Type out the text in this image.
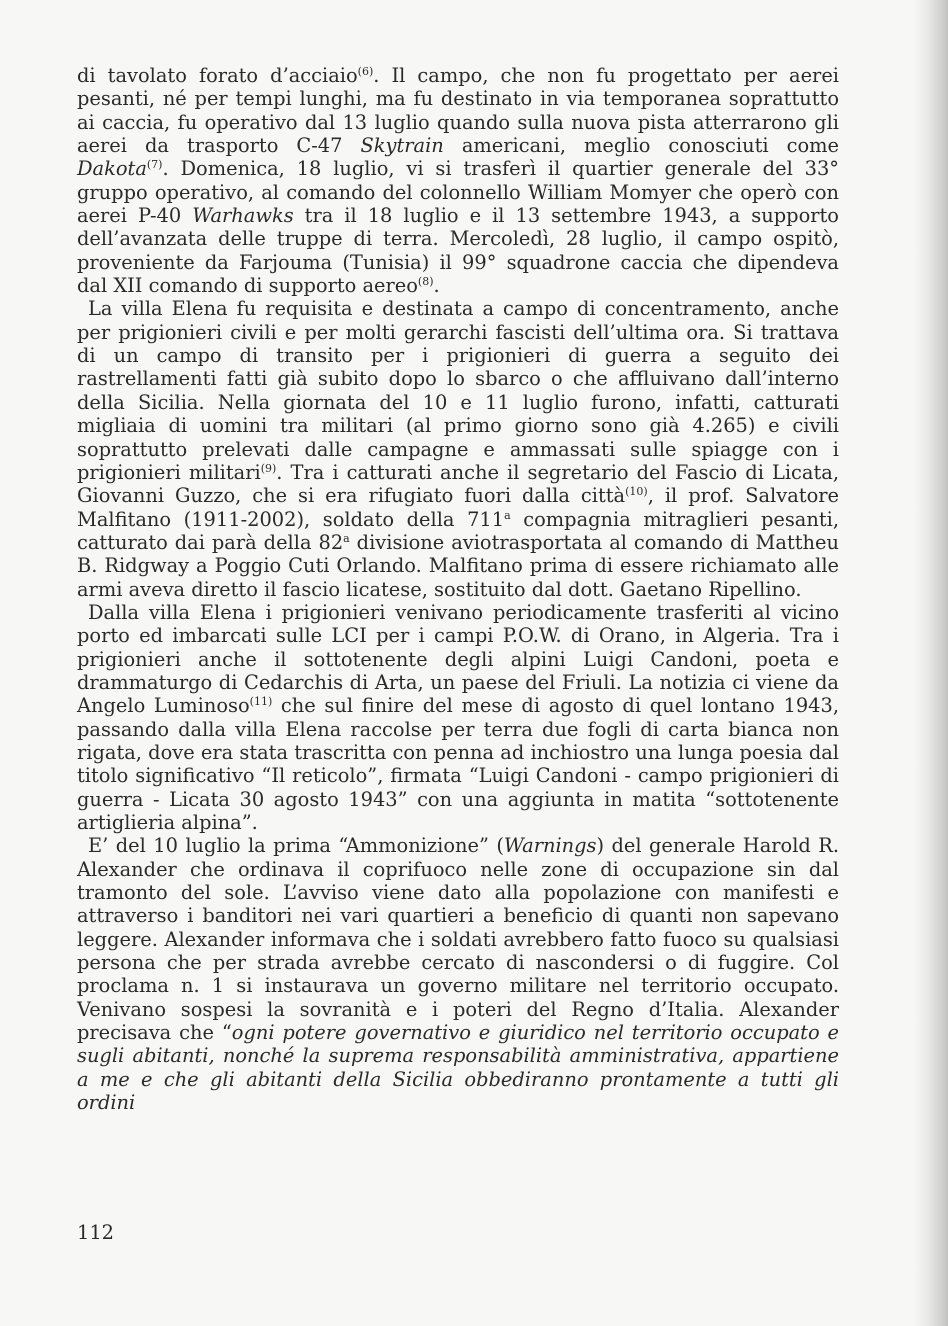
di tavolato forato d’acciaio$^{(6)}$. Il campo, che non fu progettato per aerei pesanti, né per tempi lunghi, ma fu destinato in via temporanea soprattutto ai caccia, fu operativo dal 13 luglio quando sulla nuova pista atterrarono gli aerei da trasporto C-47 Skytrain americani, meglio conosciuti come Dakota$^{(7)}$. Domenica, 18 luglio, vi si trasferì il quartier generale del 33° gruppo operativo, al comando del colonnello William Momyer che operò con aerei P-40 Warhawks tra il 18 luglio e il 13 settembre 1943, a supporto dell’avanzata delle truppe di terra. Mercoledì, 28 luglio, il campo ospitò, proveniente da Farjouma (Tunisia) il 99° squadrone caccia che dipendeva dal XII comando di supporto aereo$^{(8)}$.

La villa Elena fu requisita e destinata a campo di concentramento, anche per prigionieri civili e per molti gerarchi fascisti dell’ultima ora. Si trattava di un campo di transito per i prigionieri di guerra a seguito dei rastrellamenti fatti già subito dopo lo sbarco o che affluivano dall’interno della Sicilia. Nella giornata del 10 e 11 luglio furono, infatti, catturati migliaia di uomini tra militari (al primo giorno sono già 4.265) e civili soprattutto prelevati dalle campagne e ammassati sulle spiagge con i prigionieri militari$^{(9)}$. Tra i catturati anche il segretario del Fascio di Licata, Giovanni Guzzo, che si era rifugiato fuori dalla città$^{(10)}$, il prof. Salvatore Malfitano (1911-2002), soldato della 711$^a$ compagnia mitraglieri pesanti, catturato dai parà della 82$^a$ divisione aviotrasportata al comando di Mattheu B. Ridgway a Poggio Cuti Orlando. Malfitano prima di essere richiamato alle armi aveva diretto il fascio licatese, sostituito dal dott. Gaetano Ripellino.

Dalla villa Elena i prigionieri venivano periodicamente trasferiti al vicino porto ed imbarcati sulle LCI per i campi P.O.W. di Orano, in Algeria. Tra i prigionieri anche il sottotenente degli alpini Luigi Candoni, poeta e drammaturgo di Cedarchis di Arta, un paese del Friuli. La notizia ci viene da Angelo Luminoso$^{(11)}$ che sul finire del mese di agosto di quel lontano 1943, passando dalla villa Elena raccolse per terra due fogli di carta bianca non rigata, dove era stata trascritta con penna ad inchiostro una lunga poesia dal titolo significativo “Il reticolo”, firmata “Luigi Candoni - campo prigionieri di guerra - Licata 30 agosto 1943” con una aggiunta in matita “sottotenente artiglieria alpina”.

E’ del 10 luglio la prima “Ammonizione” (Warnings) del generale Harold R. Alexander che ordinava il coprifuoco nelle zone di occupazione sin dal tramonto del sole. L’avviso viene dato alla popolazione con manifesti e attraverso i banditori nei vari quartieri a beneficio di quanti non sapevano leggere. Alexander informava che i soldati avrebbero fatto fuoco su qualsiasi persona che per strada avrebbe cercato di nascondersi o di fuggire. Col proclama n. 1 si instaurava un governo militare nel territorio occupato. Venivano sospesi la sovranità e i poteri del Regno d’Italia. Alexander precisava che “ogni potere governativo e giuridico nel territorio occupato e sugli abitanti, nonché la suprema responsabilità amministrativa, appartiene a me e che gli abitanti della Sicilia obbediranno prontamente a tutti gli ordini

112
